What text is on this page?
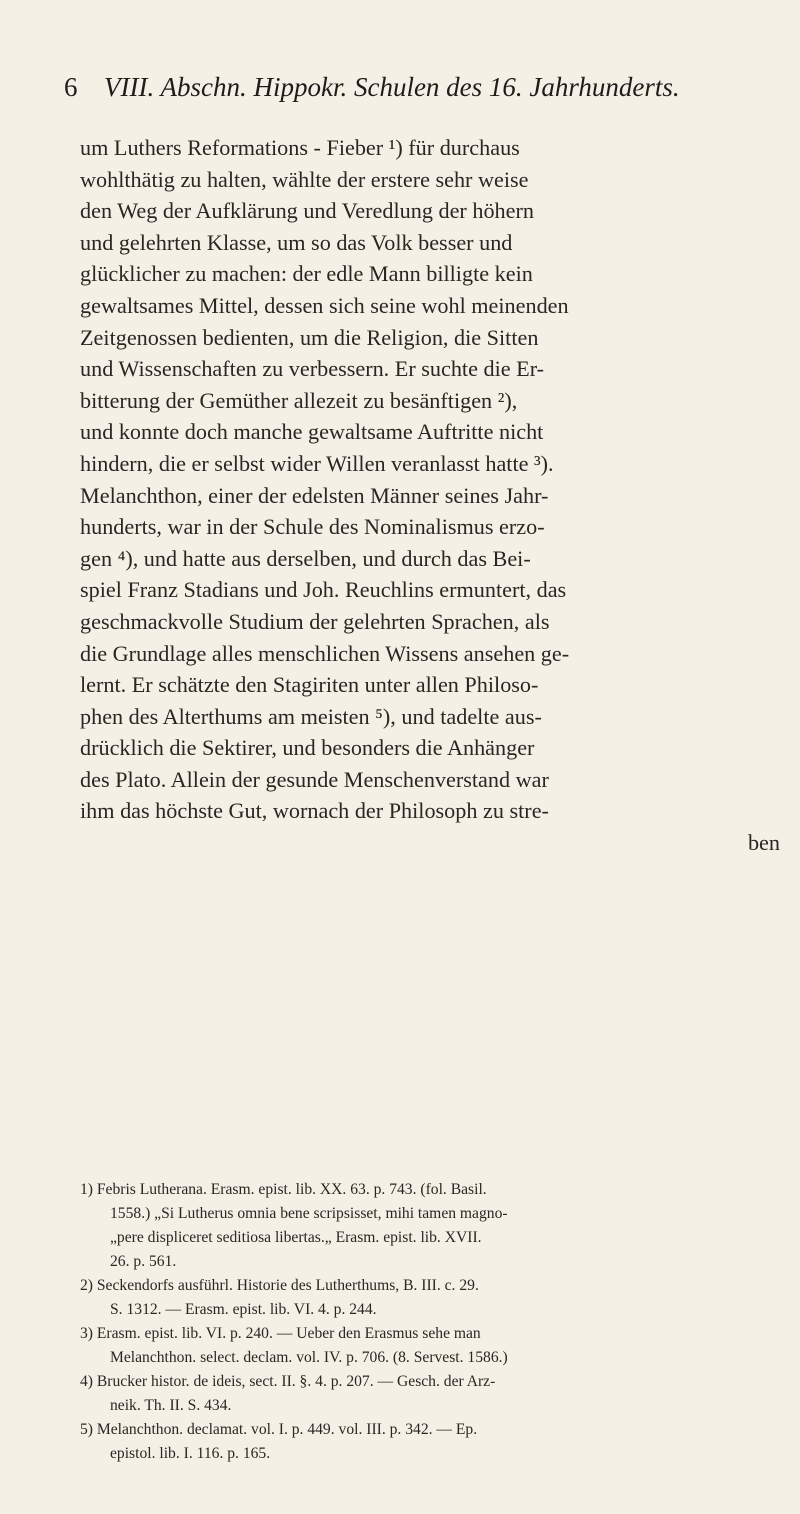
6 VIII. Abschn. Hippokr. Schulen des 16. Jahrhunderts.
um Luthers Reformations - Fieber ¹) für durchaus
wohlthätig zu halten, wählte der erstere sehr weise
den Weg der Aufklärung und Veredlung der höhern
und gelehrten Klasse, um so das Volk besser und
glücklicher zu machen: der edle Mann billigte kein
gewaltsames Mittel, dessen sich seine wohl meinenden
Zeitgenossen bedienten, um die Religion, die Sitten
und Wissenschaften zu verbessern. Er suchte die Er-
bitterung der Gemüther allezeit zu besänftigen ²),
und konnte doch manche gewaltsame Auftritte nicht
hindern, die er selbst wider Willen veranlasst hatte ³).
Melanchthon, einer der edelsten Männer seines Jahr-
hunderts, war in der Schule des Nominalismus erzo-
gen ⁴), und hatte aus derselben, und durch das Bei-
spiel Franz Stadians und Joh. Reuchlins ermuntert, das
geschmackvolle Studium der gelehrten Sprachen, als
die Grundlage alles menschlichen Wissens ansehen ge-
lernt. Er schätzte den Stagiriten unter allen Philoso-
phen des Alterthums am meisten ⁵), und tadelte aus-
drücklich die Sektirer, und besonders die Anhänger
des Plato. Allein der gesunde Menschenverstand war
ihm das höchste Gut, wornach der Philosoph zu stre-
ben
1) Febris Lutherana. Erasm. epist. lib. XX. 63. p. 743. (fol. Basil.
1558.) „Si Lutherus omnia bene scripsisset, mihi tamen magno-
„pere displiceret seditiosa libertas.„ Erasm. epist. lib. XVII.
26. p. 561.
2) Seckendorfs ausführl. Historie des Lutherthums, B. III. c. 29.
S. 1312. — Erasm. epist. lib. VI. 4. p. 244.
3) Erasm. epist. lib. VI. p. 240. — Ueber den Erasmus sehe man
Melanchthon. select. declam. vol. IV. p. 706. (8. Servest. 1586.)
4) Brucker histor. de ideis, sect. II. §. 4. p. 207. — Gesch. der Arz-
neik. Th. II. S. 434.
5) Melanchthon. declamat. vol. I. p. 449. vol. III. p. 342. — Ep.
epistol. lib. I. 116. p. 165.
